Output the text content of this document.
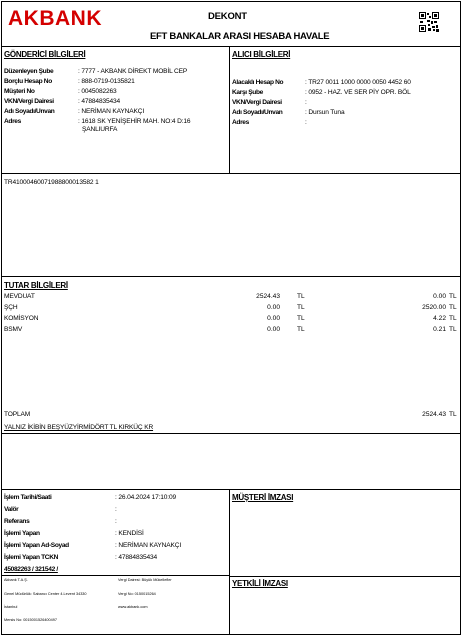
AKBANK	DEKONT
EFT BANKALAR ARASI HESABA HAVALE
GÖNDERİCİ BİLGİLERİ	ALICI BİLGİLERİ
Düzenleyen Şube	: 7777 - AKBANK DİREKT MOBİL CEP
Borçlu Hesap No	: 888-0719-0135821
Müşteri No	: 0045082263
VKN/Vergi Dairesi	: 47884835434
Adı Soyadı/Unvan	: NERİMAN KAYNAKÇI
Adres	: 1618 SK YENİŞEHİR MAH. NO:4 D:16
ŞANLIURFA
Alacaklı Hesap No	: TR27 0011 1000 0000 0050 4452 60
Karşı Şube	: 0952 - HAZ. VE SER PİY OPR. BÖL
VKN/Vergi Dairesi	:
Adı Soyadı/Unvan	: Dursun Tuna
Adres	:
TR41000460071988800013582 1
TUTAR BİLGİLERİ
MEVDUAT	2524.43	TL	0.00 TL
ŞÇH	0.00	TL	2520.00 TL
KOMİSYON	0.00	TL	4.22 TL
BSMV	0.00	TL	0.21 TL
TOPLAM	2524.43 TL
YALNIZ İKİBİN BEŞYÜZYİRMİDÖRT TL KIRKÜÇ KR
İşlem Tarihi/Saati	: 26.04.2024 17:10:09
Valör	:
Referans	:
İşlemi Yapan	: KENDİSİ
İşlemi Yapan Ad-Soyad	: NERİMAN KAYNAKÇI
İşlemi Yapan TCKN	: 47884835434
45082263 / 321542 /
MÜŞTERİ İMZASI
YETKİLİ İMZASI
Akbank T.A.Ş.
Genel Müdürlük: Sabancı Center 4.Levent 34330
İstanbul
Mersis No: 0015001526400497
Vergi Dairesi: Büyük Mükellefler
Vergi No: 0150015264
www.akbank.com
